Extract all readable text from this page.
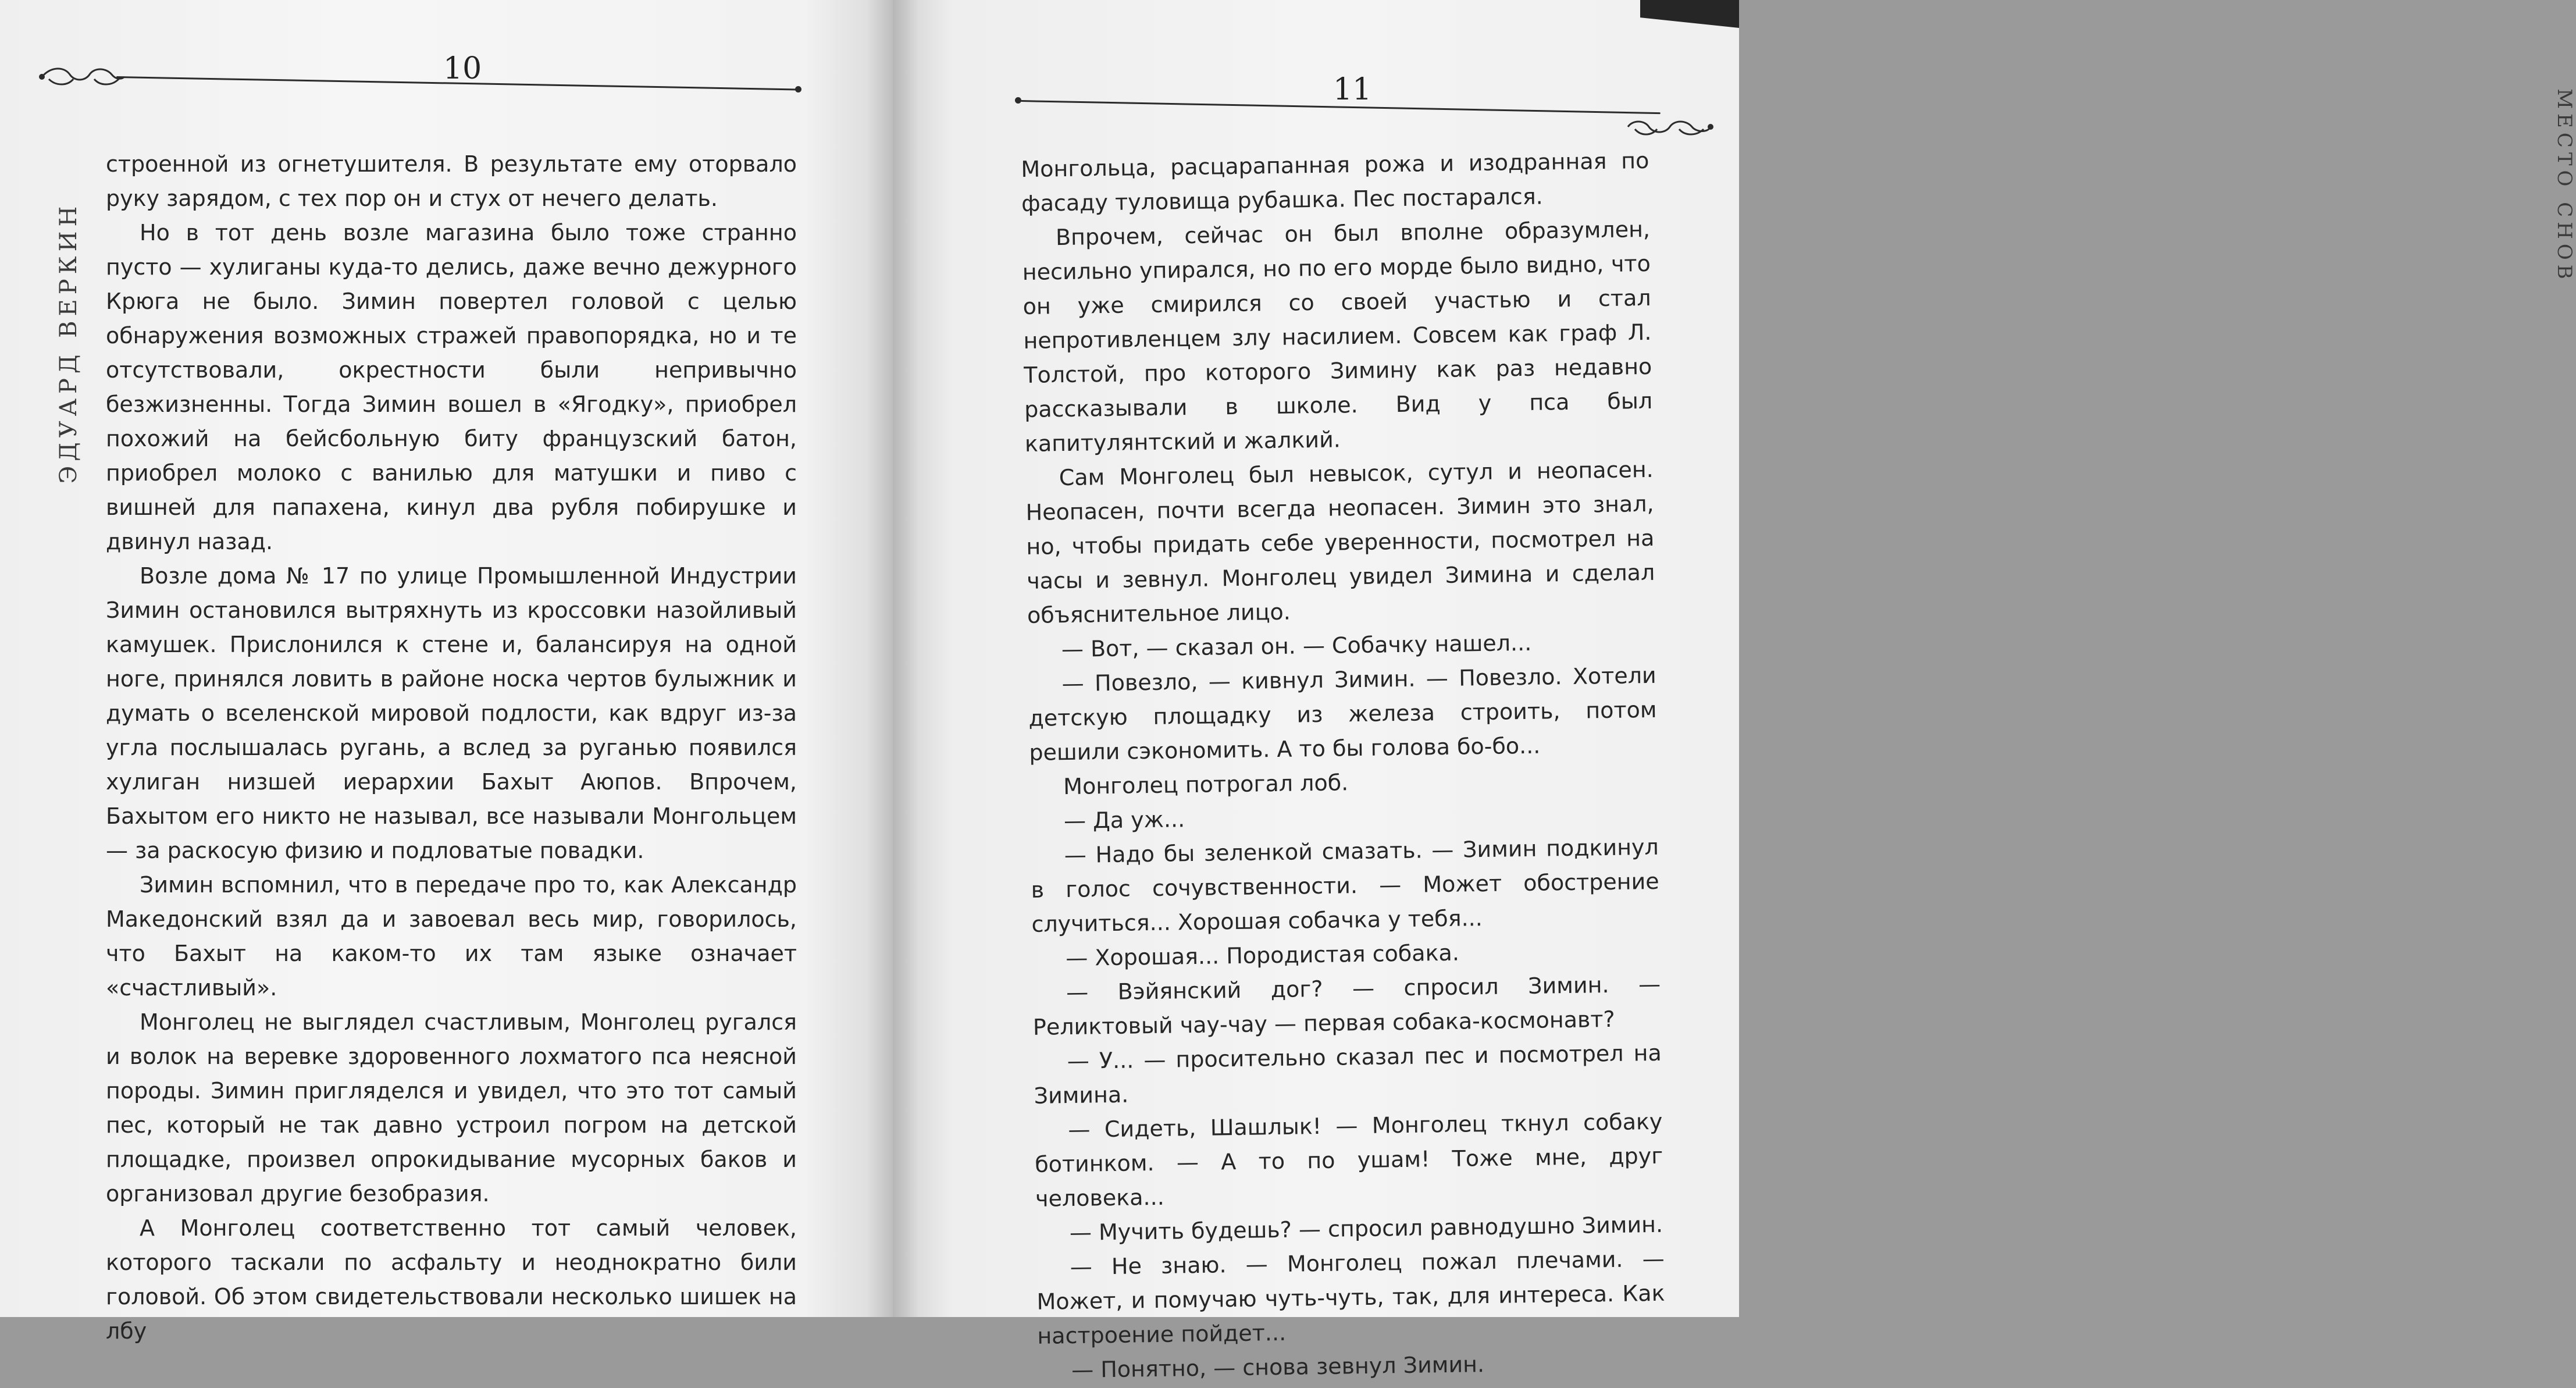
10
ЭДУАРД ВЕРКИН

строенной из огнетушителя. В результате ему оторвало руку зарядом, с тех пор он и стух от нечего делать.

Но в тот день возле магазина было тоже странно пусто — хулиганы куда-то делись, даже вечно дежурного Крюга не было. Зимин повертел головой с целью обнаружения возможных стражей правопорядка, но и те отсутствовали, окрестности были непривычно безжизненны. Тогда Зимин вошел в «Ягодку», приобрел похожий на бейсбольную биту французский батон, приобрел молоко с ванилью для матушки и пиво с вишней для папахена, кинул два рубля побирушке и двинул назад.

Возле дома № 17 по улице Промышленной Индустрии Зимин остановился вытряхнуть из кроссовки назойливый камушек. Прислонился к стене и, балансируя на одной ноге, принялся ловить в районе носка чертов булыжник и думать о вселенской мировой подлости, как вдруг из-за угла послышалась ругань, а вслед за руганью появился хулиган низшей иерархии Бахыт Аюпов. Впрочем, Бахытом его никто не называл, все называли Монгольцем — за раскосую физию и подловатые повадки.

Зимин вспомнил, что в передаче про то, как Александр Македонский взял да и завоевал весь мир, говорилось, что Бахыт на каком-то их там языке означает «счастливый».

Монголец не выглядел счастливым, Монголец ругался и волок на веревке здоровенного лохматого пса неясной породы. Зимин пригляделся и увидел, что это тот самый пес, который не так давно устроил погром на детской площадке, произвел опрокидывание мусорных баков и организовал другие безобразия.

А Монголец соответственно тот самый человек, которого таскали по асфальту и неоднократно били головой. Об этом свидетельствовали несколько шишек на лбу

11	МЕСТО СНОВ

Монгольца, расцарапанная рожа и изодранная по фасаду туловища рубашка. Пес постарался.

Впрочем, сейчас он был вполне образумлен, несильно упирался, но по его морде было видно, что он уже смирился со своей участью и стал непротивленцем злу насилием. Совсем как граф Л. Толстой, про которого Зимину как раз недавно рассказывали в школе. Вид у пса был капитулянтский и жалкий.

Сам Монголец был невысок, сутул и неопасен. Неопасен, почти всегда неопасен. Зимин это знал, но, чтобы придать себе уверенности, посмотрел на часы и зевнул. Монголец увидел Зимина и сделал объяснительное лицо.

— Вот, — сказал он. — Собачку нашел...

— Повезло, — кивнул Зимин. — Повезло. Хотели детскую площадку из железа строить, потом решили сэкономить. А то бы голова бо-бо...

Монголец потрогал лоб.

— Да уж...

— Надо бы зеленкой смазать. — Зимин подкинул в голос сочувственности. — Может обострение случиться... Хорошая собачка у тебя...

— Хорошая... Породистая собака.

— Вэйянский дог? — спросил Зимин. — Реликтовый чау-чау — первая собака-космонавт?

— У... — просительно сказал пес и посмотрел на Зимина.

— Сидеть, Шашлык! — Монголец ткнул собаку ботинком. — А то по ушам! Тоже мне, друг человека...

— Мучить будешь? — спросил равнодушно Зимин.

— Не знаю. — Монголец пожал плечами. — Может, и помучаю чуть-чуть, так, для интереса. Как настроение пойдет...

— Понятно, — снова зевнул Зимин.
